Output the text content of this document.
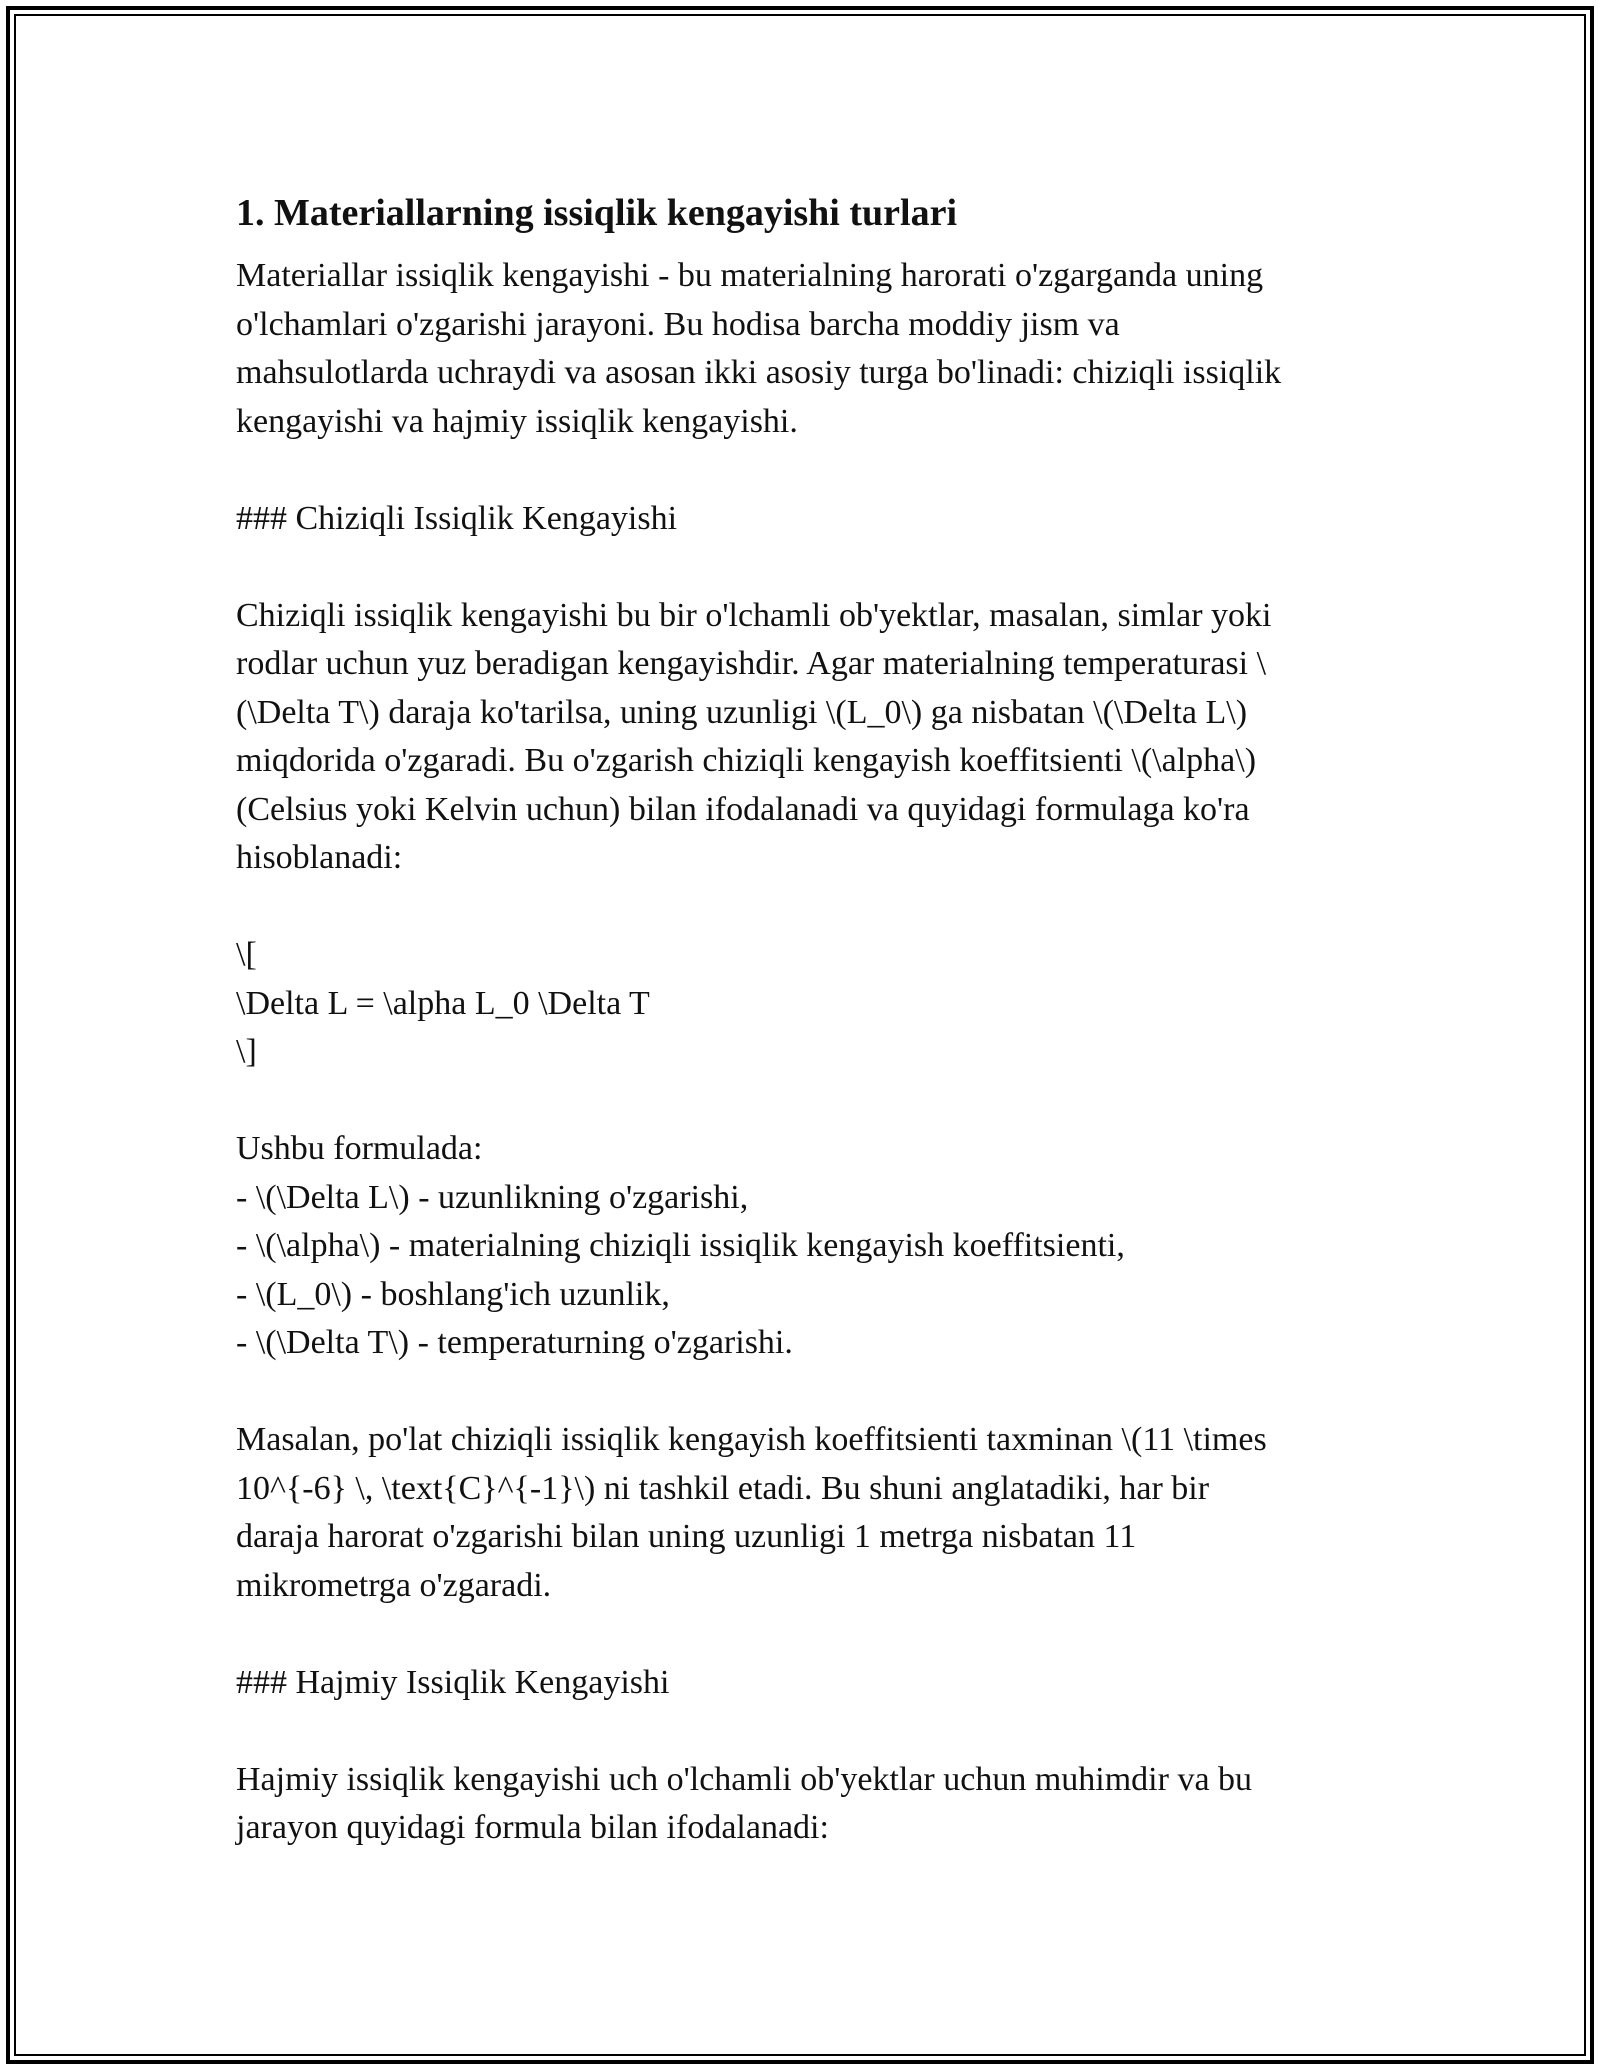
1. Materiallarning issiqlik kengayishi turlari
Materiallar issiqlik kengayishi - bu materialning harorati o'zgarganda uning
o'lchamlari o'zgarishi jarayoni. Bu hodisa barcha moddiy jism va
mahsulotlarda uchraydi va asosan ikki asosiy turga bo'linadi: chiziqli issiqlik
kengayishi va hajmiy issiqlik kengayishi.
### Chiziqli Issiqlik Kengayishi
Chiziqli issiqlik kengayishi bu bir o'lchamli ob'yektlar, masalan, simlar yoki
rodlar uchun yuz beradigan kengayishdir. Agar materialning temperaturasi \
(\Delta T\) daraja ko'tarilsa, uning uzunligi \(L_0\) ga nisbatan \(\Delta L\)
miqdorida o'zgaradi. Bu o'zgarish chiziqli kengayish koeffitsienti \(\alpha\)
(Celsius yoki Kelvin uchun) bilan ifodalanadi va quyidagi formulaga ko'ra
hisoblanadi:
\[
\Delta L = \alpha L_0 \Delta T
\]
Ushbu formulada:
- \(\Delta L\) - uzunlikning o'zgarishi,
- \(\alpha\) - materialning chiziqli issiqlik kengayish koeffitsienti,
- \(L_0\) - boshlang'ich uzunlik,
- \(\Delta T\) - temperaturning o'zgarishi.
Masalan, po'lat chiziqli issiqlik kengayish koeffitsienti taxminan \(11 \times
10^{-6} \, \text{C}^{-1}\) ni tashkil etadi. Bu shuni anglatadiki, har bir
daraja harorat o'zgarishi bilan uning uzunligi 1 metrga nisbatan 11
mikrometrga o'zgaradi.
### Hajmiy Issiqlik Kengayishi
Hajmiy issiqlik kengayishi uch o'lchamli ob'yektlar uchun muhimdir va bu
jarayon quyidagi formula bilan ifodalanadi:
